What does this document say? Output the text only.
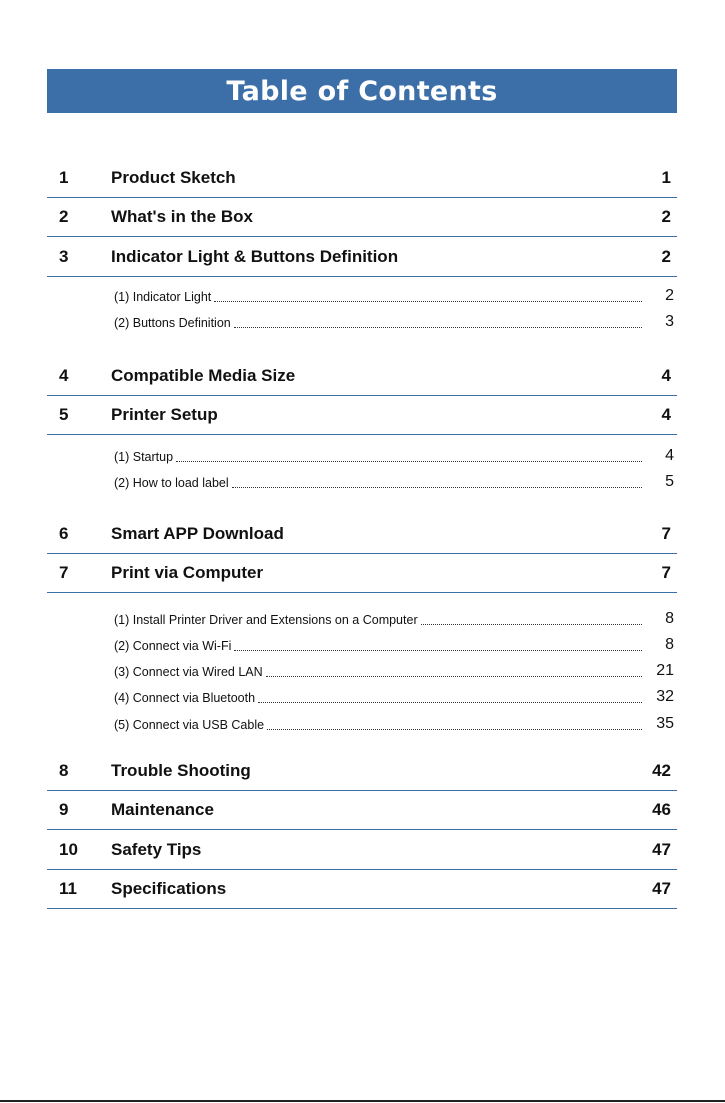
Table of Contents
1	Product Sketch	1
2	What's in the Box	2
3	Indicator Light & Buttons Definition	2
(1) Indicator Light	2
(2) Buttons Definition	3
4	Compatible Media Size	4
5	Printer Setup	4
(1) Startup	4
(2) How to load label	5
6	Smart APP Download	7
7	Print via Computer	7
(1) Install Printer Driver and Extensions on a Computer	8
(2) Connect via Wi-Fi	8
(3) Connect via Wired LAN	21
(4) Connect via Bluetooth	32
(5) Connect via USB Cable	35
8	Trouble Shooting	42
9	Maintenance	46
10 Safety Tips	47
11 Specifications	47
